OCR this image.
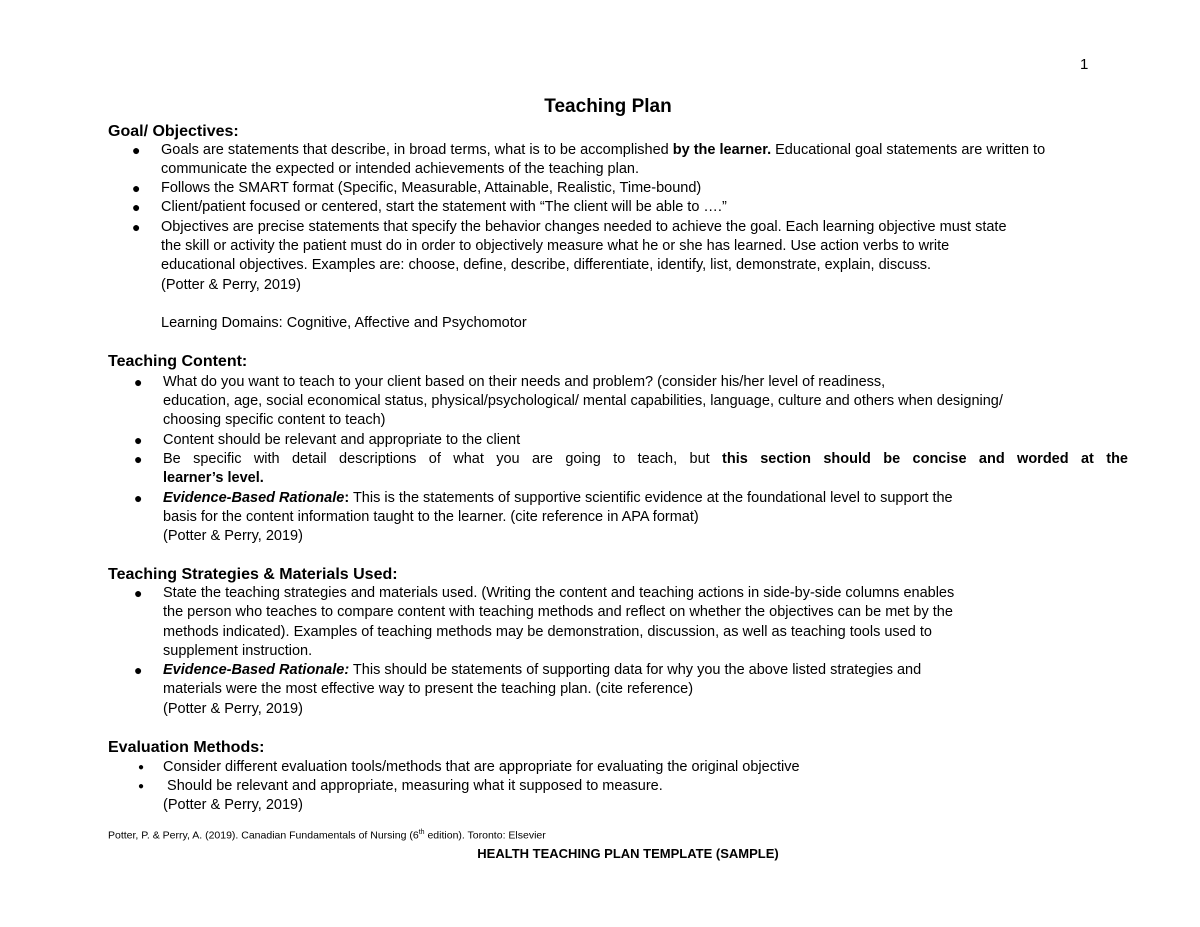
1
Teaching Plan
Goal/ Objectives:
● Goals are statements that describe, in broad terms, what is to be accomplished by the learner. Educational goal statements are written to
communicate the expected or intended achievements of the teaching plan.
● Follows the SMART format (Specific, Measurable, Attainable, Realistic, Time-bound)
● Client/patient focused or centered, start the statement with “The client will be able to ….”
● Objectives are precise statements that specify the behavior changes needed to achieve the goal. Each learning objective must state
the skill or activity the patient must do in order to objectively measure what he or she has learned. Use action verbs to write
educational objectives. Examples are: choose, define, describe, differentiate, identify, list, demonstrate, explain, discuss.
(Potter & Perry, 2019)
Learning Domains: Cognitive, Affective and Psychomotor
Teaching Content:
● What do you want to teach to your client based on their needs and problem? (consider his/her level of readiness,
education, age, social economical status, physical/psychological/ mental capabilities, language, culture and others when designing/
choosing specific content to teach)
● Content should be relevant and appropriate to the client
● Be specific with detail descriptions of what you are going to teach, but this section should be concise and worded at the
learner’s level.
● Evidence-Based Rationale: This is the statements of supportive scientific evidence at the foundational level to support the
basis for the content information taught to the learner. (cite reference in APA format)
(Potter & Perry, 2019)
Teaching Strategies & Materials Used:
● State the teaching strategies and materials used. (Writing the content and teaching actions in side-by-side columns enables
the person who teaches to compare content with teaching methods and reflect on whether the objectives can be met by the
methods indicated). Examples of teaching methods may be demonstration, discussion, as well as teaching tools used to
supplement instruction.
● Evidence-Based Rationale: This should be statements of supporting data for why you the above listed strategies and
materials were the most effective way to present the teaching plan. (cite reference)
(Potter & Perry, 2019)
Evaluation Methods:
● Consider different evaluation tools/methods that are appropriate for evaluating the original objective
● Should be relevant and appropriate, measuring what it supposed to measure.
(Potter & Perry, 2019)
Potter, P. & Perry, A. (2019). Canadian Fundamentals of Nursing (6th edition). Toronto: Elsevier
HEALTH TEACHING PLAN TEMPLATE (SAMPLE)
